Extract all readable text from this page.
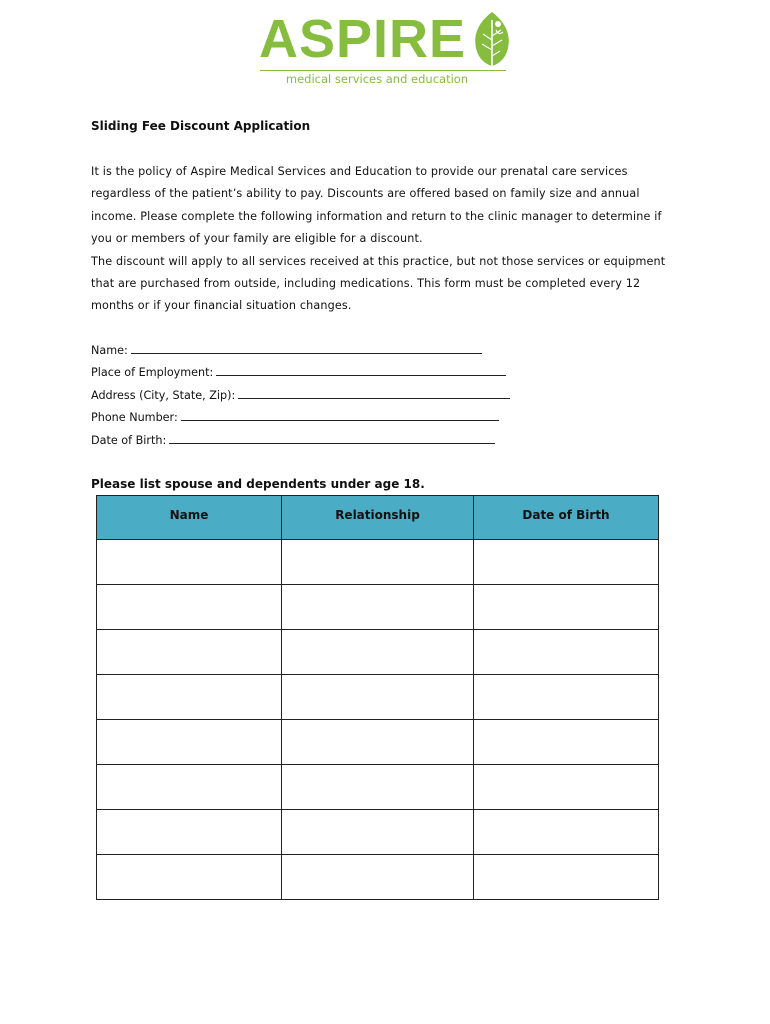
ASPIRE
medical services and education
Sliding Fee Discount Application

It is the policy of Aspire Medical Services and Education to provide our prenatal care services regardless of the patient’s ability to pay. Discounts are offered based on family size and annual income. Please complete the following information and return to the clinic manager to determine if you or members of your family are eligible for a discount.

The discount will apply to all services received at this practice, but not those services or equipment that are purchased from outside, including medications. This form must be completed every 12 months or if your financial situation changes.

Name:
Place of Employment:
Address (City, State, Zip):
Phone Number:
Date of Birth:
Please list spouse and dependents under age 18.
Name	Relationship	Date of Birth
